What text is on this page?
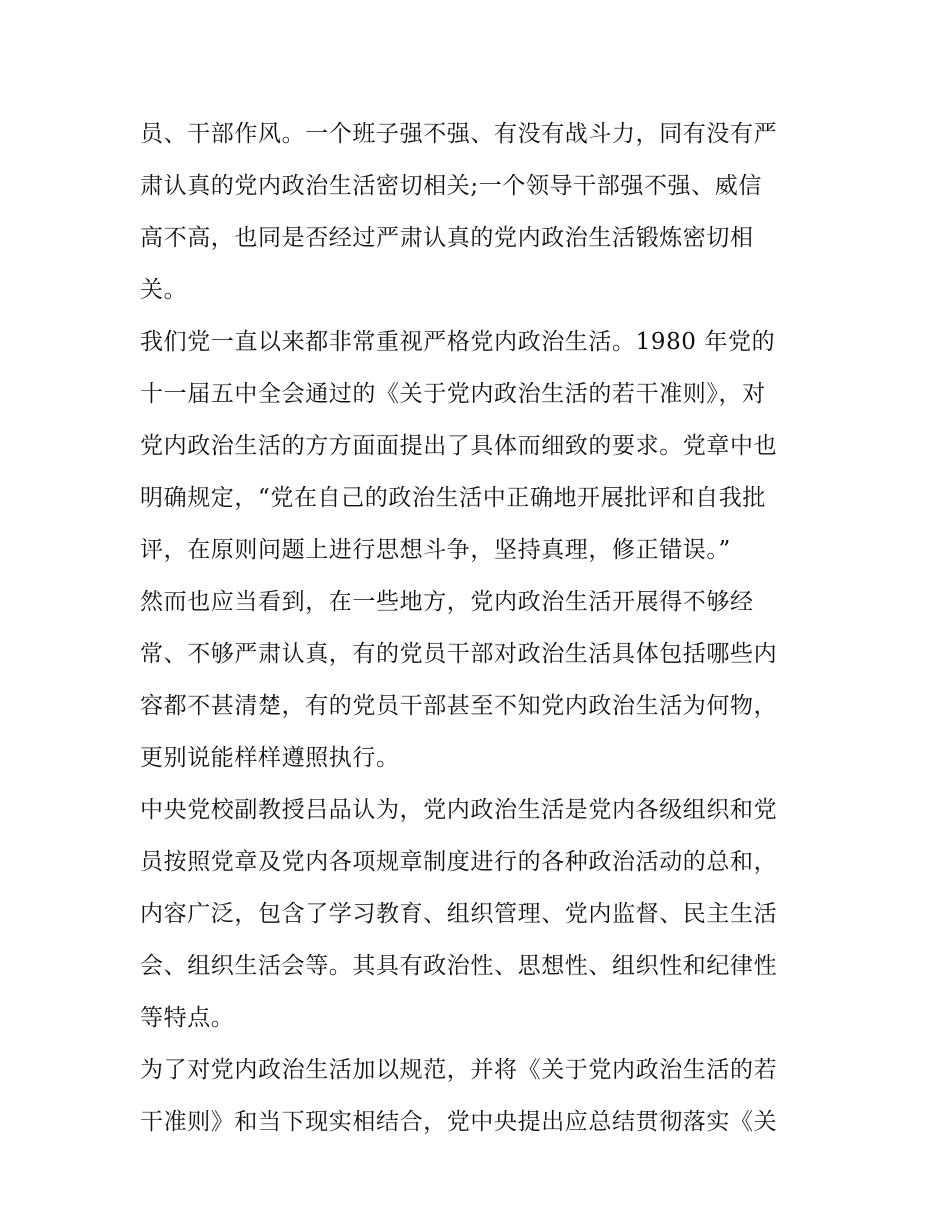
员、干部作风。一个班子强不强、有没有战斗力，同有没有严
肃认真的党内政治生活密切相关;一个领导干部强不强、威信
高不高，也同是否经过严肃认真的党内政治生活锻炼密切相
关。
我们党一直以来都非常重视严格党内政治生活。1980 年党的
十一届五中全会通过的《关于党内政治生活的若干准则》，对
党内政治生活的方方面面提出了具体而细致的要求。党章中也
明确规定，“党在自己的政治生活中正确地开展批评和自我批
评，在原则问题上进行思想斗争，坚持真理，修正错误。”
然而也应当看到，在一些地方，党内政治生活开展得不够经
常、不够严肃认真，有的党员干部对政治生活具体包括哪些内
容都不甚清楚，有的党员干部甚至不知党内政治生活为何物，
更别说能样样遵照执行。
中央党校副教授吕品认为，党内政治生活是党内各级组织和党
员按照党章及党内各项规章制度进行的各种政治活动的总和，
内容广泛，包含了学习教育、组织管理、党内监督、民主生活
会、组织生活会等。其具有政治性、思想性、组织性和纪律性
等特点。
为了对党内政治生活加以规范，并将《关于党内政治生活的若
干准则》和当下现实相结合，党中央提出应总结贯彻落实《关
